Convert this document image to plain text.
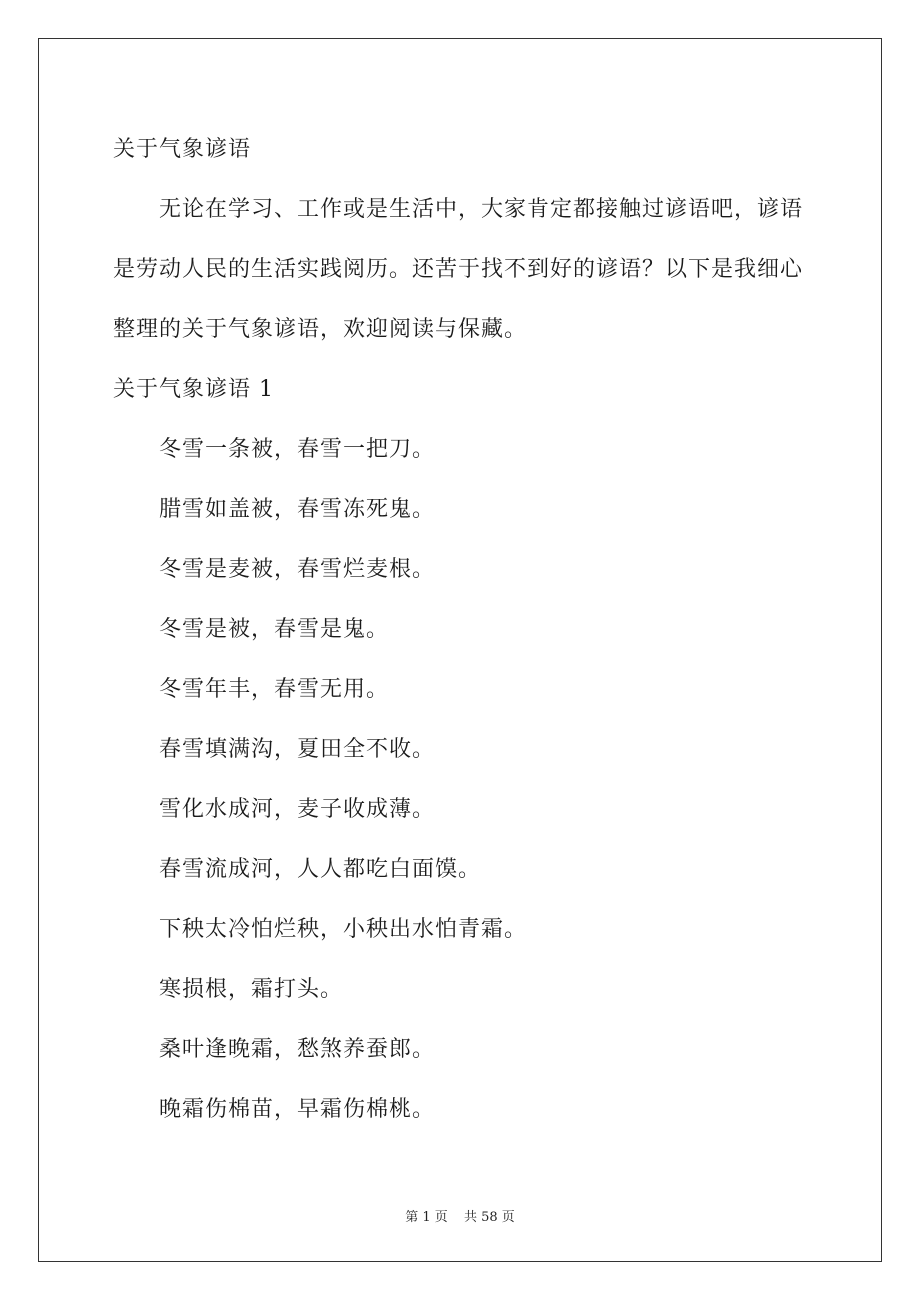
关于气象谚语
无论在学习、工作或是生活中，大家肯定都接触过谚语吧，谚语
是劳动人民的生活实践阅历。还苦于找不到好的谚语？以下是我细心
整理的关于气象谚语，欢迎阅读与保藏。
关于气象谚语 1
冬雪一条被，春雪一把刀。
腊雪如盖被，春雪冻死鬼。
冬雪是麦被，春雪烂麦根。
冬雪是被，春雪是鬼。
冬雪年丰，春雪无用。
春雪填满沟，夏田全不收。
雪化水成河，麦子收成薄。
春雪流成河，人人都吃白面馍。
下秧太冷怕烂秧，小秧出水怕青霜。
寒损根，霜打头。
桑叶逢晚霜，愁煞养蚕郎。
晚霜伤棉苗，早霜伤棉桃。
第 1 页 共 58 页
